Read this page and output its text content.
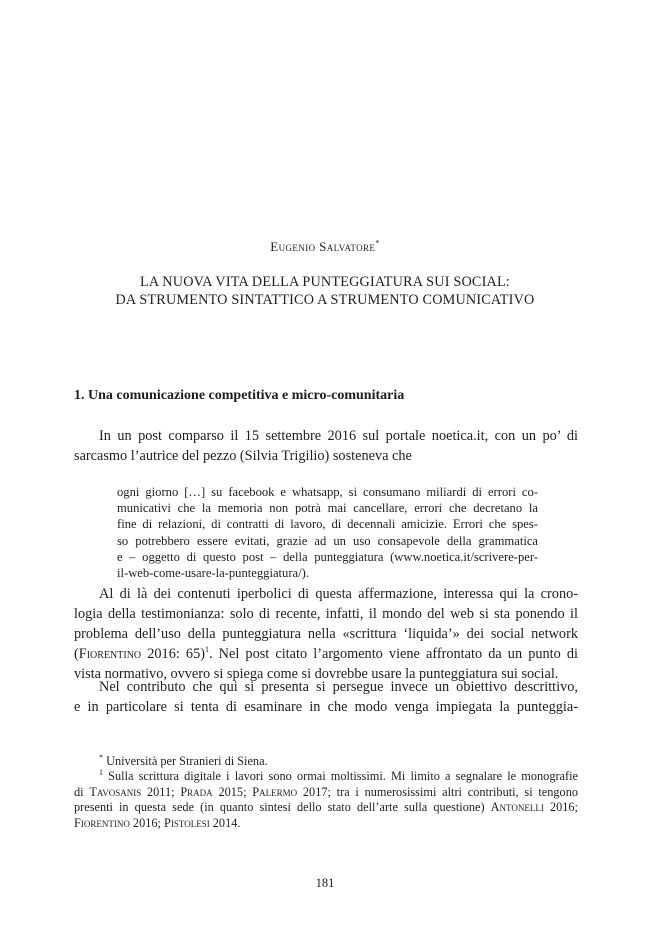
Eugenio Salvatore*
LA NUOVA VITA DELLA PUNTEGGIATURA SUI SOCIAL:
DA STRUMENTO SINTATTICO A STRUMENTO COMUNICATIVO
1. Una comunicazione competitiva e micro-comunitaria
In un post comparso il 15 settembre 2016 sul portale noetica.it, con un po’ di
sarcasmo l’autrice del pezzo (Silvia Trigilio) sosteneva che
ogni giorno […] su facebook e whatsapp, si consumano miliardi di errori co-
municativi che la memoria non potrà mai cancellare, errori che decretano la
fine di relazioni, di contratti di lavoro, di decennali amicizie. Errori che spes-
so potrebbero essere evitati, grazie ad un uso consapevole della grammatica
e – oggetto di questo post – della punteggiatura (www.noetica.it/scrivere-per-
il-web-come-usare-la-punteggiatura/).
Al di là dei contenuti iperbolici di questa affermazione, interessa qui la crono-
logia della testimonianza: solo di recente, infatti, il mondo del web si sta ponendo il
problema dell’uso della punteggiatura nella «scrittura ‘liquida’» dei social network
(Fiorentino 2016: 65)$^1$. Nel post citato l’argomento viene affrontato da un punto di
vista normativo, ovvero si spiega come si dovrebbe usare la punteggiatura sui social.
Nel contributo che qui si presenta si persegue invece un obiettivo descrittivo,
e in particolare si tenta di esaminare in che modo venga impiegata la punteggia-
* Università per Stranieri di Siena.
$^1$ Sulla scrittura digitale i lavori sono ormai moltissimi. Mi limito a segnalare le monografie
di Tavosanis 2011; Prada 2015; Palermo 2017; tra i numerosissimi altri contributi, si tengono
presenti in questa sede (in quanto sintesi dello stato dell’arte sulla questione) Antonelli 2016;
Fiorentino 2016; Pistolesi 2014.
181
